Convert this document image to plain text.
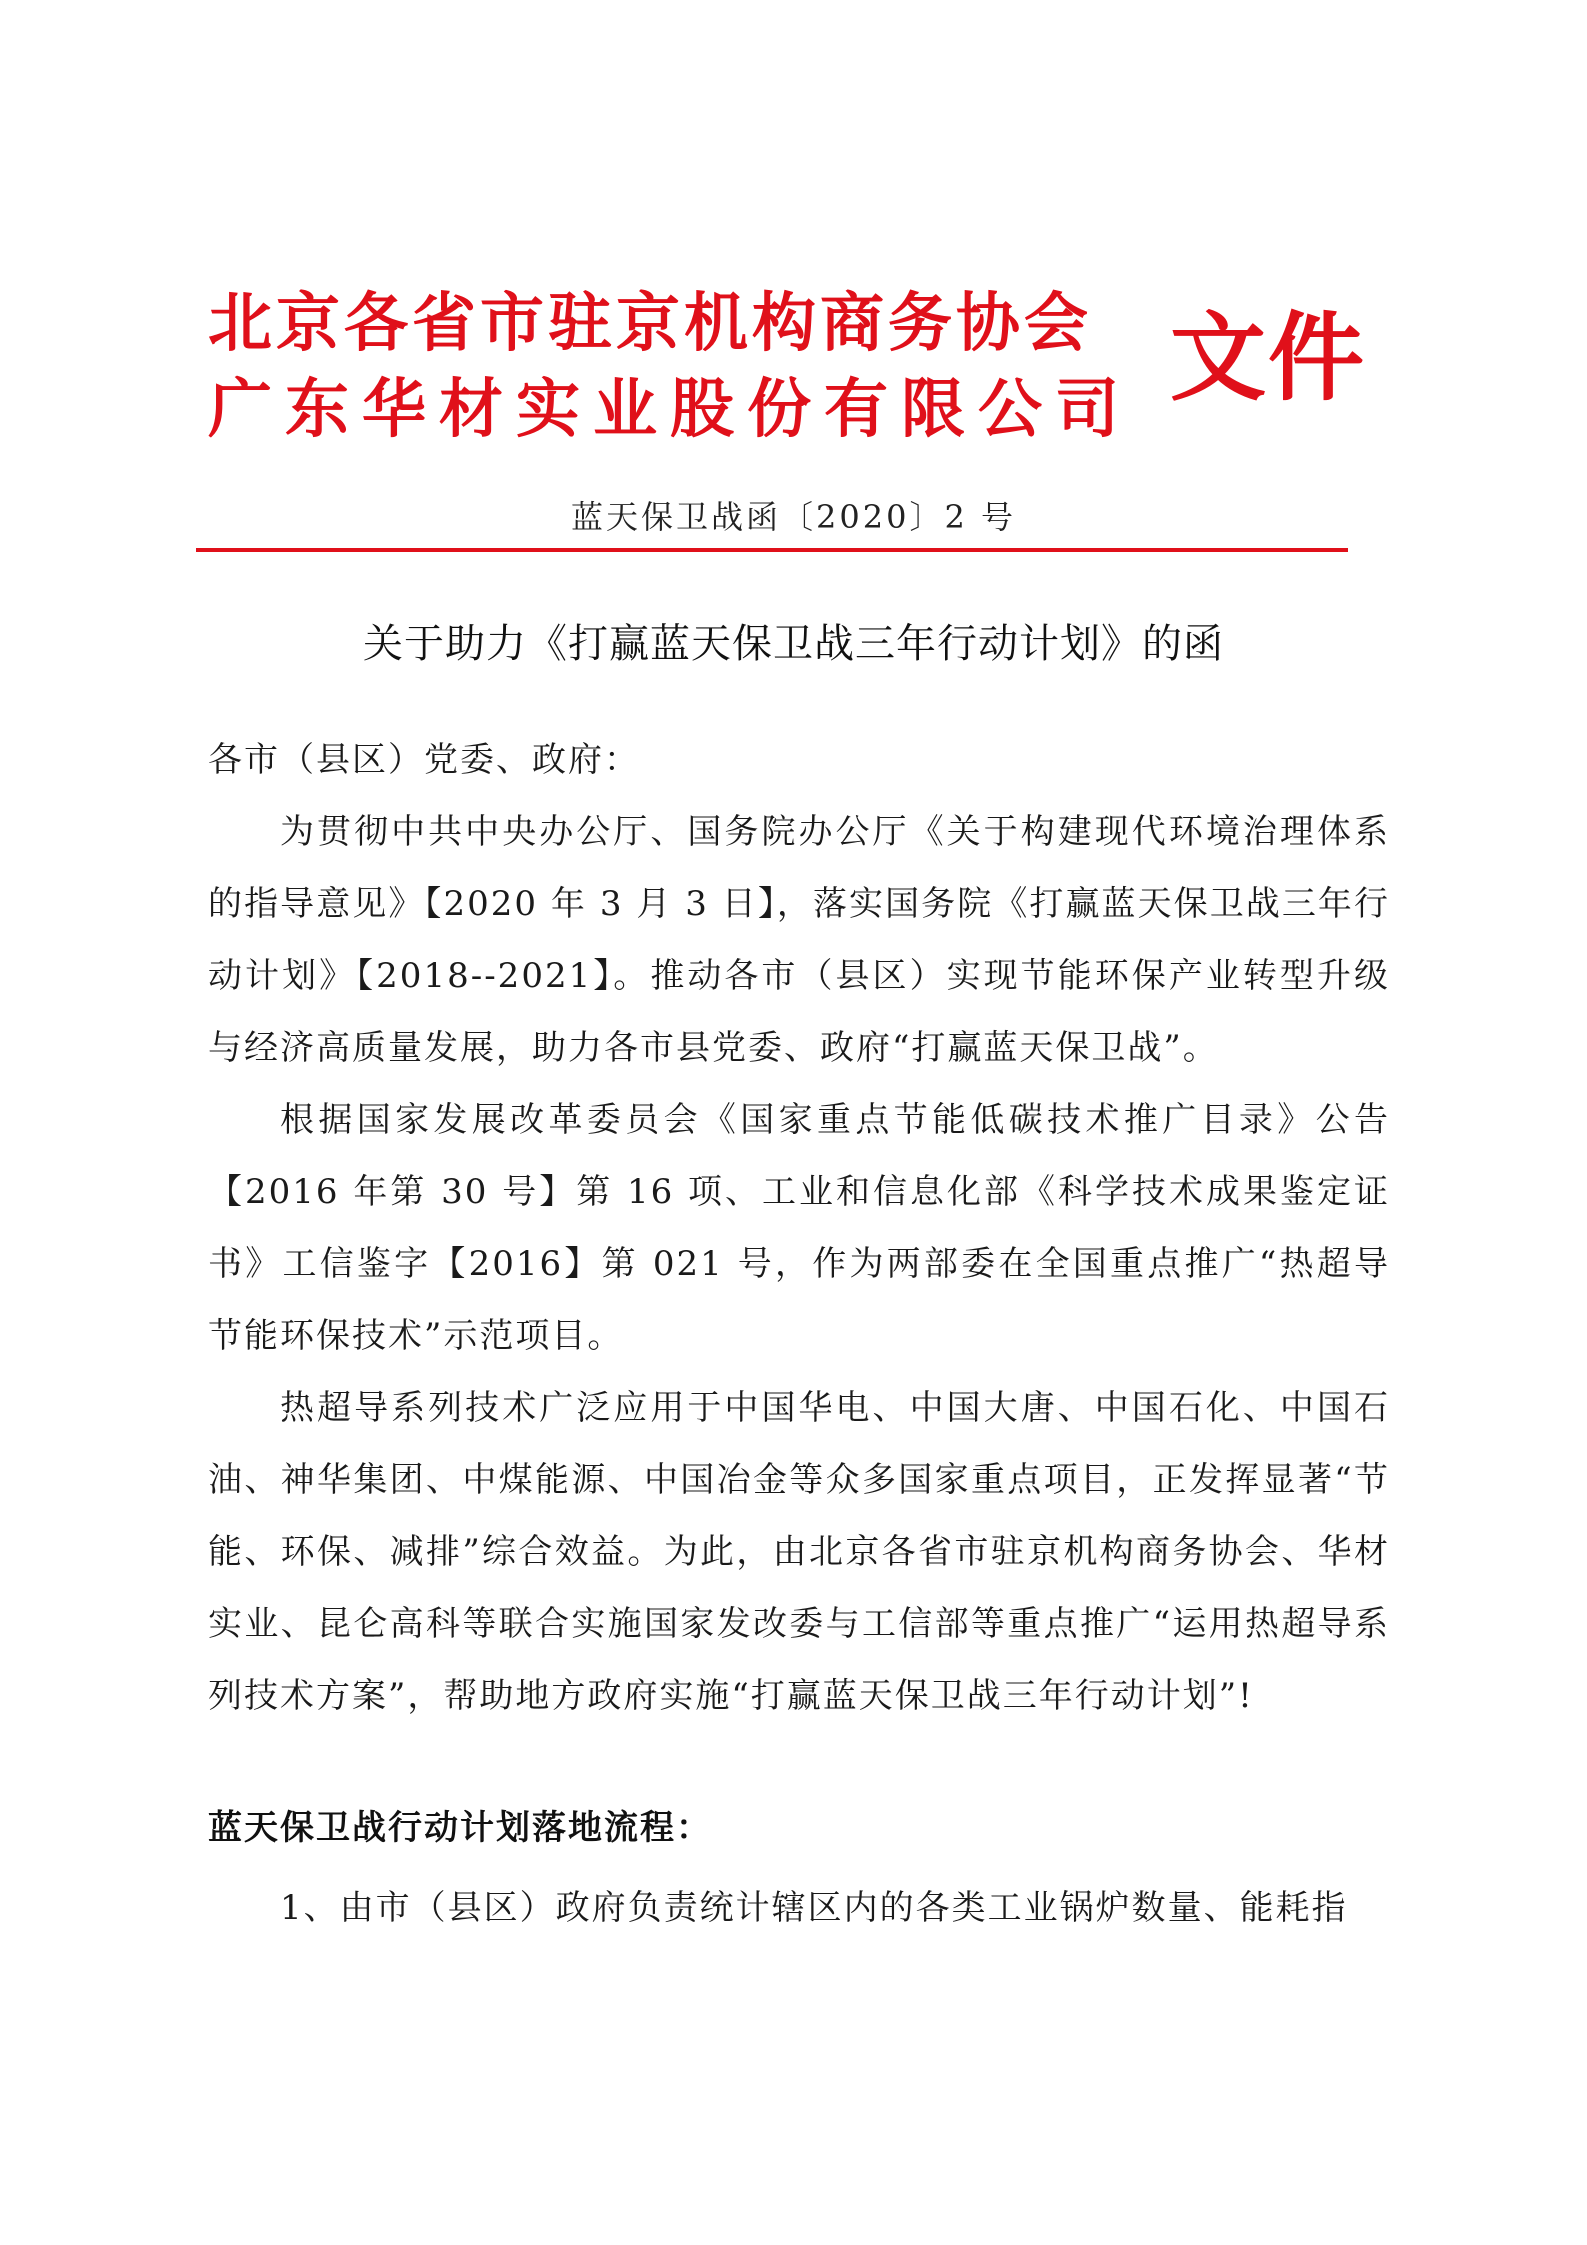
北京各省市驻京机构商务协会
广东华材实业股份有限公司 文件
蓝天保卫战函〔2020〕2 号
关于助力《打赢蓝天保卫战三年行动计划》的函
各市（县区）党委、政府：

为贯彻中共中央办公厅、国务院办公厅《关于构建现代环境治理体系的指导意见》【2020 年 3 月 3 日】，落实国务院《打赢蓝天保卫战三年行动计划》【2018--2021】。推动各市（县区）实现节能环保产业转型升级与经济高质量发展，助力各市县党委、政府“打赢蓝天保卫战”。

根据国家发展改革委员会《国家重点节能低碳技术推广目录》公告【2016 年第 30 号】第 16 项、工业和信息化部《科学技术成果鉴定证书》工信鉴字【2016】第 021 号，作为两部委在全国重点推广“热超导节能环保技术”示范项目。

热超导系列技术广泛应用于中国华电、中国大唐、中国石化、中国石油、神华集团、中煤能源、中国冶金等众多国家重点项目，正发挥显著“节能、环保、减排”综合效益。为此，由北京各省市驻京机构商务协会、华材实业、昆仑高科等联合实施国家发改委与工信部等重点推广“运用热超导系列技术方案”，帮助地方政府实施“打赢蓝天保卫战三年行动计划”!

蓝天保卫战行动计划落地流程：

1、由市（县区）政府负责统计辖区内的各类工业锅炉数量、能耗指
